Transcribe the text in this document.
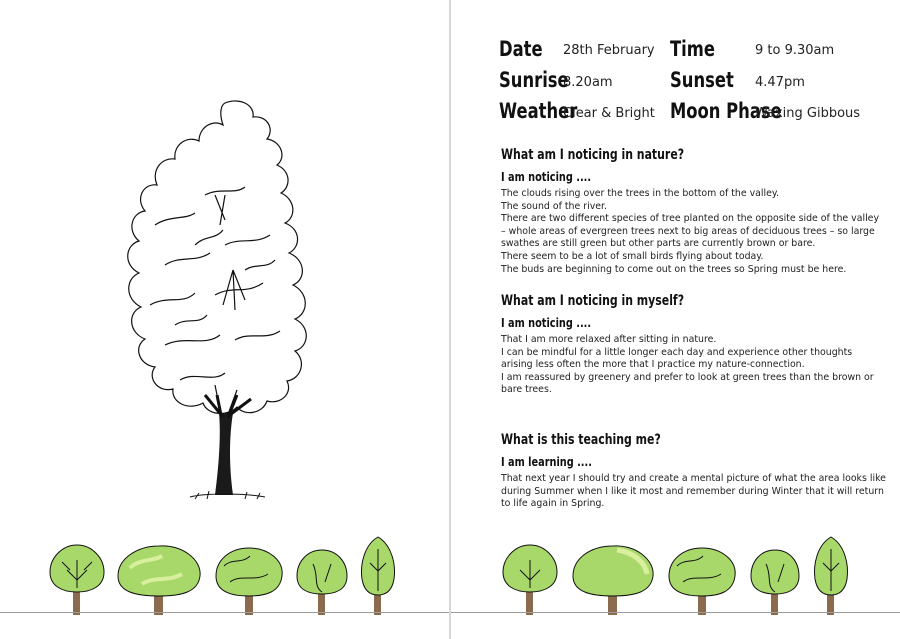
Date 28th February Time	9 to 9.30am
Sunrise
8.20am	Sunset 4.47pm
Weather
Clear & Bright Moon Phase
Waxing Gibbous
What am I noticing in nature?
I am noticing ....

The clouds rising over the trees in the bottom of the valley.
The sound of the river.
There are two different species of tree planted on the opposite side of the valley – whole areas of evergreen trees next to big areas of deciduous trees – so large swathes are still green but other parts are currently brown or bare.
There seem to be a lot of small birds flying about today.
The buds are beginning to come out on the trees so Spring must be here.

What am I noticing in myself?
I am noticing ....

That I am more relaxed after sitting in nature.
I can be mindful for a little longer each day and experience other thoughts arising less often the more that I practice my nature-connection.
I am reassured by greenery and prefer to look at green trees than the brown or bare trees.

What is this teaching me?
I am learning ....

That next year I should try and create a mental picture of what the area looks like during Summer when I like it most and remember during Winter that it will return to life again in Spring.
